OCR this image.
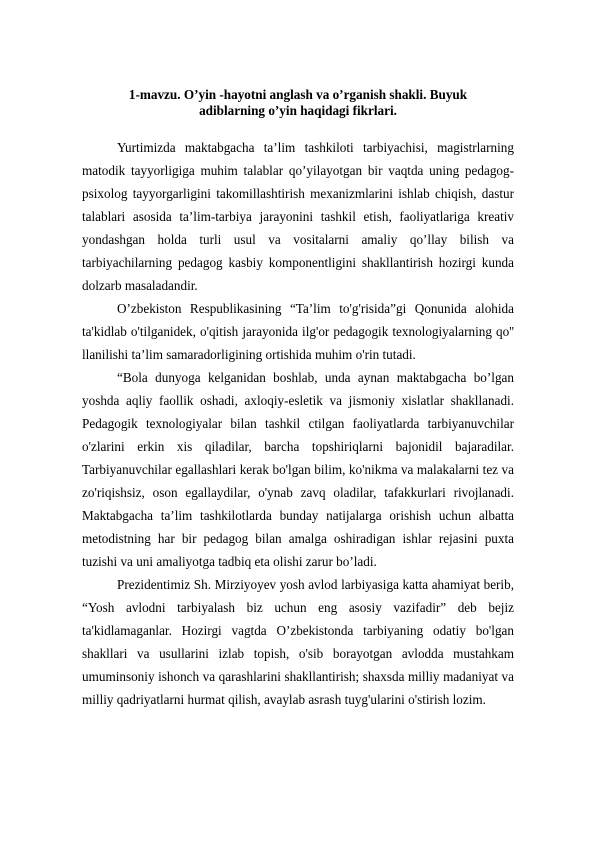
1-mavzu. O’yin -hayotni anglash va o’rganish shakli. Buyuk
adiblarning o’yin haqidagi fikrlari.

Yurtimizda maktabgacha ta’lim tashkiloti tarbiyachisi, magistrlarning matodik tayyorligiga muhim talablar qo’yilayotgan bir vaqtda uning pedagog-psixolog tayyorgarligini takomillashtirish mexanizmlarini ishlab chiqish, dastur talablari asosida ta’lim-tarbiya jarayonini tashkil etish, faoliyatlariga kreativ yondashgan holda turli usul va vositalarni amaliy qo’llay bilish va tarbiyachilarning pedagog kasbiy komponentligini shakllantirish hozirgi kunda dolzarb masaladandir.

O’zbekiston Respublikasining “Ta’lim to'g'risida”gi Qonunida alohida ta'kidlab o'tilganidek, o'qitish jarayonida ilg'or pedagogik texnologiyalarning qo'' llanilishi ta’lim samaradorligining ortishida muhim o'rin tutadi.

“Bola dunyoga kelganidan boshlab, unda aynan maktabgacha bo’lgan yoshda aqliy faollik oshadi, axloqiy-esletik va jismoniy xislatlar shakllanadi. Pedagogik texnologiyalar bilan tashkil ctilgan faoliyatlarda tarbiyanuvchilar o'zlarini erkin xis qiladilar, barcha topshiriqlarni bajonidil bajaradilar. Tarbiyanuvchilar egallashlari kerak bo'lgan bilim, ko'nikma va malakalarni tez va zo'riqishsiz, oson egallaydilar, o'ynab zavq oladilar, tafakkurlari rivojlanadi. Maktabgacha ta’lim tashkilotlarda bunday natijalarga orishish uchun albatta metodistning har bir pedagog bilan amalga oshiradigan ishlar rejasini puxta tuzishi va uni amaliyotga tadbiq eta olishi zarur bo’ladi.

Prezidentimiz Sh. Mirziyoyev yosh avlod larbiyasiga katta ahamiyat berib, “Yosh avlodni tarbiyalash biz uchun eng asosiy vazifadir” deb bejiz ta'kidlamaganlar. Hozirgi vagtda O’zbekistonda tarbiyaning odatiy bo'lgan shakllari va usullarini izlab topish, o'sib borayotgan avlodda mustahkam umuminsoniy ishonch va qarashlarini shakllantirish; shaxsda milliy madaniyat va milliy qadriyatlarni hurmat qilish, avaylab asrash tuyg'ularini o'stirish lozim.
